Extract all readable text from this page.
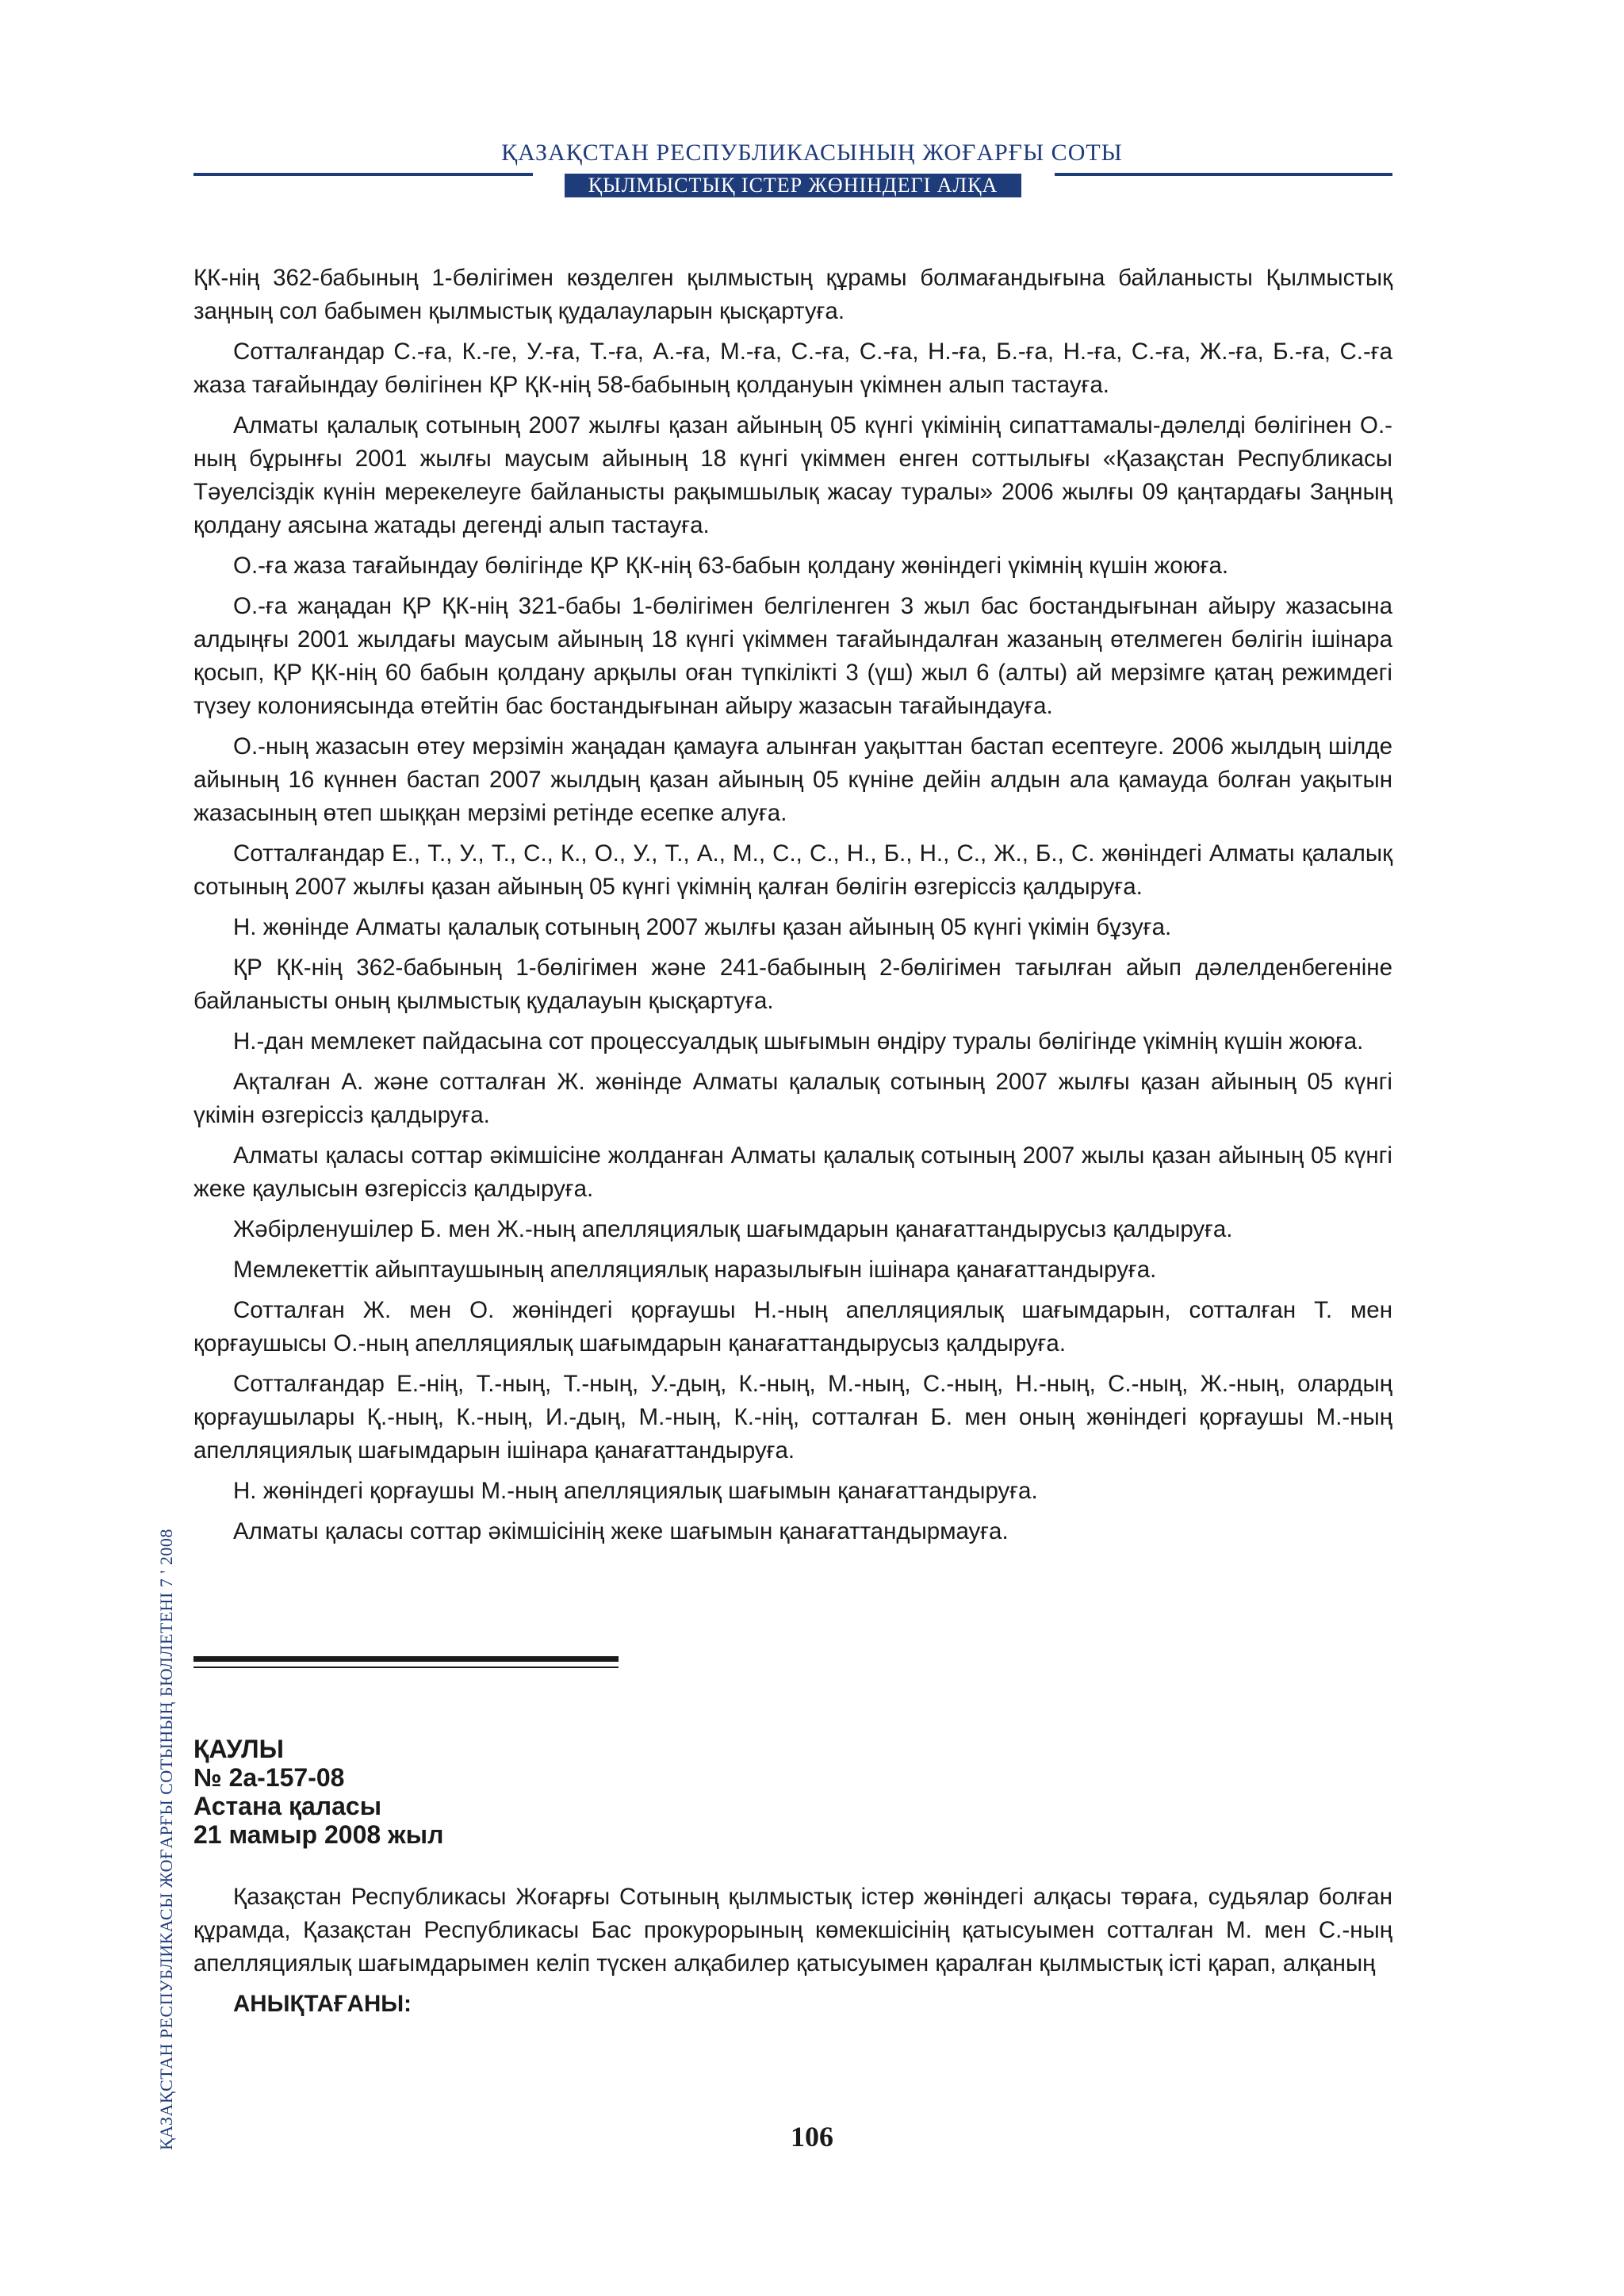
ҚАЗАҚСТАН РЕСПУБЛИКАСЫНЫҢ ЖОҒАРҒЫ СОТЫ
ҚЫЛМЫСТЫҚ ІСТЕР ЖӨНІНДЕГІ АЛҚА

ҚК-нің 362-бабының 1-бөлігімен көзделген қылмыстың құрамы болмағандығына байланысты Қылмыстық заңның сол бабымен қылмыстық қудалауларын қысқартуға.

Сотталғандар С.-ға, К.-ге, У.-ға, Т.-ға, А.-ға, М.-ға, С.-ға, С.-ға, Н.-ға, Б.-ға, Н.-ға, С.-ға, Ж.-ға, Б.-ға, С.-ға жаза тағайындау бөлігінен ҚР ҚК-нің 58-бабының қолдануын үкімнен алып тастауға.

Алматы қалалық сотының 2007 жылғы қазан айының 05 күнгі үкімінің сипаттамалы-дәлелді бөлігінен О.-ның бұрынғы 2001 жылғы маусым айының 18 күнгі үкіммен енген соттылығы «Қазақстан Республикасы Тәуелсіздік күнін мерекелеуге байланысты рақымшылық жасау туралы» 2006 жылғы 09 қаңтардағы Заңның қолдану аясына жатады дегенді алып тастауға.

О.-ға жаза тағайындау бөлігінде ҚР ҚК-нің 63-бабын қолдану жөніндегі үкімнің күшін жоюға.

О.-ға жаңадан ҚР ҚК-нің 321-бабы 1-бөлігімен белгіленген 3 жыл бас бостандығынан айыру жазасына алдыңғы 2001 жылдағы маусым айының 18 күнгі үкіммен тағайындалған жазаның өтелмеген бөлігін ішінара қосып, ҚР ҚК-нің 60 бабын қолдану арқылы оған түпкілікті 3 (үш) жыл 6 (алты) ай мерзімге қатаң режимдегі түзеу колониясында өтейтін бас бостандығынан айыру жазасын тағайындауға.

О.-ның жазасын өтеу мерзімін жаңадан қамауға алынған уақыттан бастап есептеуге. 2006 жылдың шілде айының 16 күннен бастап 2007 жылдың қазан айының 05 күніне дейін алдын ала қамауда болған уақытын жазасының өтеп шыққан мерзімі ретінде есепке алуға.

Сотталғандар Е., Т., У., Т., С., К., О., У., Т., А., М., С., С., Н., Б., Н., С., Ж., Б., С. жөніндегі Алматы қалалық сотының 2007 жылғы қазан айының 05 күнгі үкімнің қалған бөлігін өзгеріссіз қалдыруға.

Н. жөнінде Алматы қалалық сотының 2007 жылғы қазан айының 05 күнгі үкімін бұзуға.

ҚР ҚК-нің 362-бабының 1-бөлігімен және 241-бабының 2-бөлігімен тағылған айып дәлелденбегеніне байланысты оның қылмыстық қудалауын қысқартуға.

Н.-дан мемлекет пайдасына сот процессуалдық шығымын өндіру туралы бөлігінде үкімнің күшін жоюға.

Ақталған А. және сотталған Ж. жөнінде Алматы қалалық сотының 2007 жылғы қазан айының 05 күнгі үкімін өзгеріссіз қалдыруға.

Алматы қаласы соттар әкімшісіне жолданған Алматы қалалық сотының 2007 жылы қазан айының 05 күнгі жеке қаулысын өзгеріссіз қалдыруға.

Жәбірленушілер Б. мен Ж.-ның апелляциялық шағымдарын қанағаттандырусыз қалдыруға.

Мемлекеттік айыптаушының апелляциялық наразылығын ішінара қанағаттандыруға.

Сотталған Ж. мен О. жөніндегі қорғаушы Н.-ның апелляциялық шағымдарын, сотталған Т. мен қорғаушысы О.-ның апелляциялық шағымдарын қанағаттандырусыз қалдыруға.

Сотталғандар Е.-нің, Т.-ның, Т.-ның, У.-дың, К.-ның, М.-ның, С.-ның, Н.-ның, С.-ның, Ж.-ның, олардың қорғаушылары Қ.-ның, К.-ның, И.-дың, М.-ның, К.-нің, сотталған Б. мен оның жөніндегі қорғаушы М.-ның апелляциялық шағымдарын ішінара қанағаттандыруға.

Н. жөніндегі қорғаушы М.-ның апелляциялық шағымын қанағаттандыруға.

Алматы қаласы соттар әкімшісінің жеке шағымын қанағаттандырмауға.

ҚАУЛЫ
№ 2а-157-08
Астана қаласы
21 мамыр 2008 жыл

Қазақстан Республикасы Жоғарғы Сотының қылмыстық істер жөніндегі алқасы төраға, судьялар болған құрамда, Қазақстан Республикасы Бас прокурорының көмекшісінің қатысуымен сотталған М. мен С.-ның апелляциялық шағымдарымен келіп түскен алқабилер қатысуымен қаралған қылмыстық істі қарап, алқаның

АНЫҚТАҒАНЫ:

106
ҚАЗАҚСТАН РЕСПУБЛИКАСЫ ЖОҒАРҒЫ СОТЫНЫҢ БЮЛЛЕТЕНІ 7 ' 2008
